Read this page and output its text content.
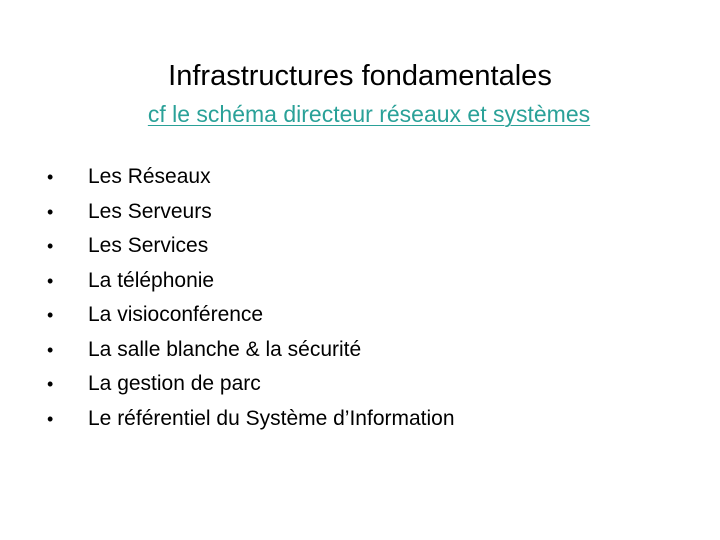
Infrastructures fondamentales
cf le schéma directeur réseaux et systèmes
•	Les Réseaux
•	Les Serveurs
•	Les Services
•	La téléphonie
•	La visioconférence
•	La salle blanche & la sécurité
•	La gestion de parc
•	Le référentiel du Système d’Information
